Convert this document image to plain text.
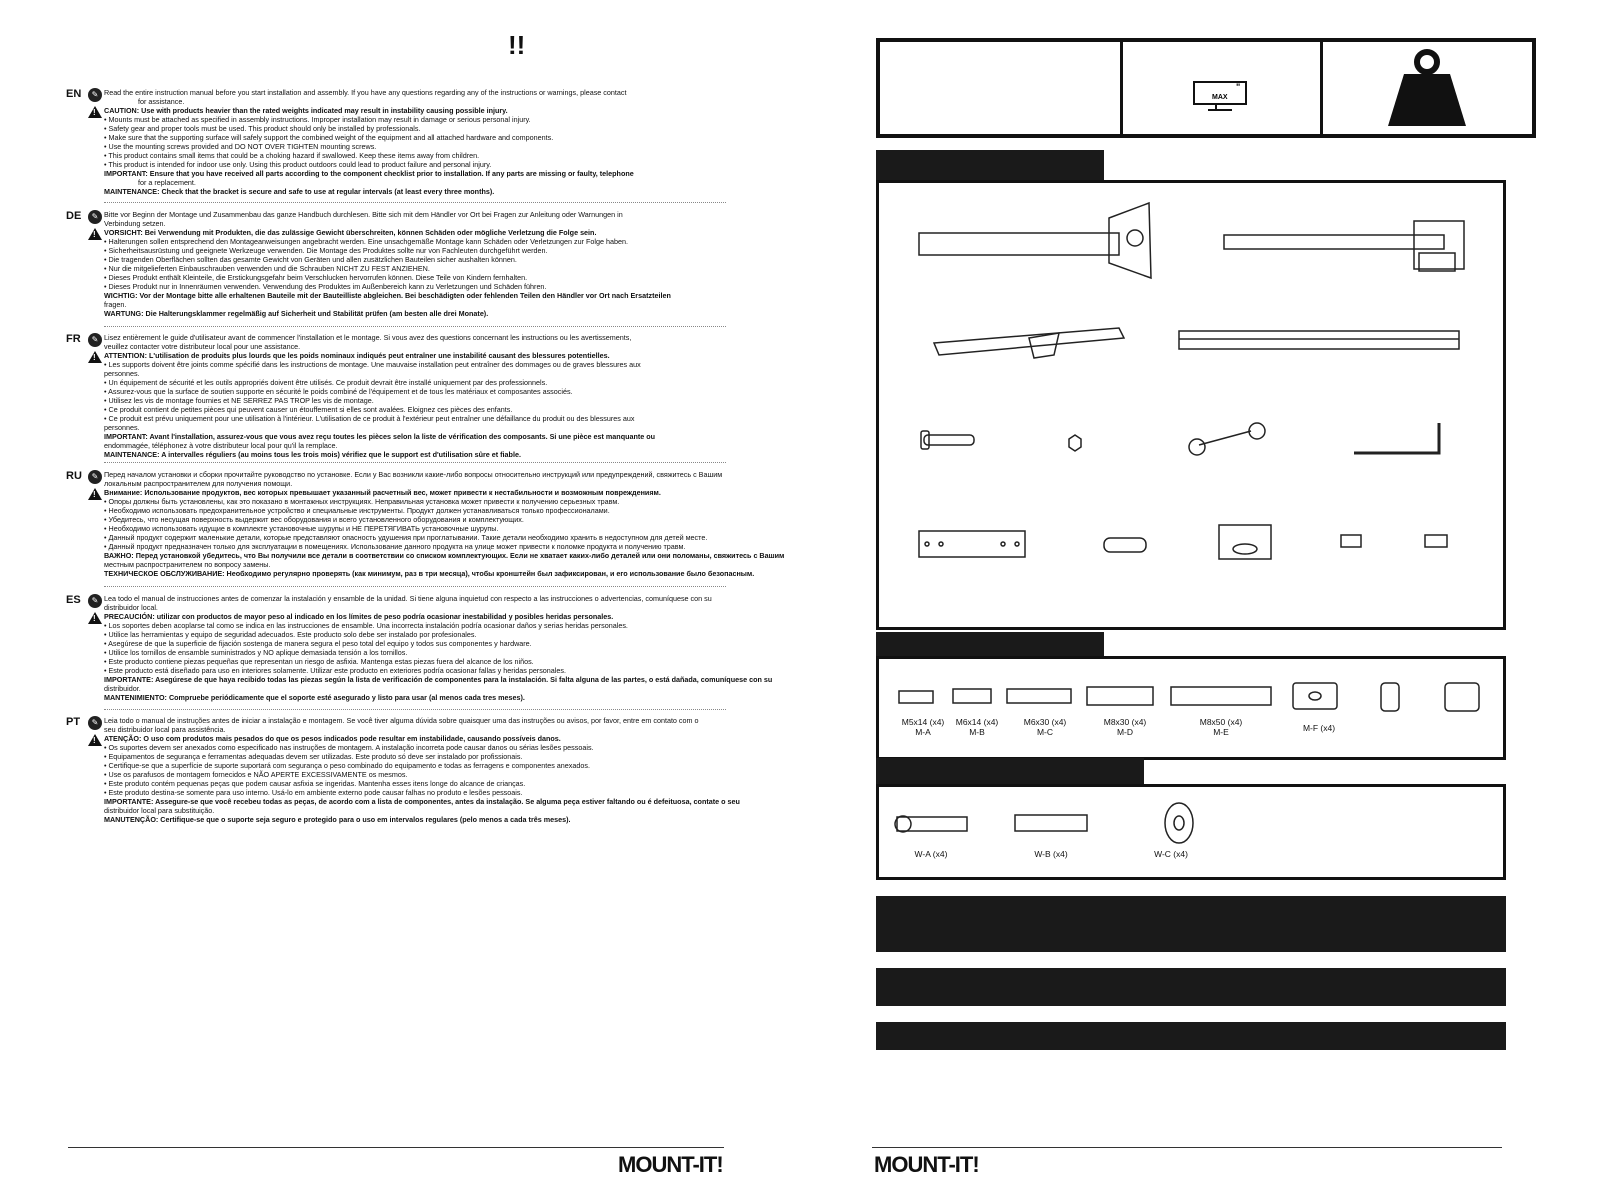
!!
EN	✎
! Read the entire instruction manual before you start installation and assembly. If you have any questions regarding any of the instructions or warnings, please contact
for assistance.
CAUTION: Use with products heavier than the rated weights indicated may result in instability causing possible injury.
• Mounts must be attached as specified in assembly instructions. Improper installation may result in damage or serious personal injury.
• Safety gear and proper tools must be used. This product should only be installed by professionals.
• Make sure that the supporting surface will safely support the combined weight of the equipment and all attached hardware and components.
• Use the mounting screws provided and DO NOT OVER TIGHTEN mounting screws.
• This product contains small items that could be a choking hazard if swallowed. Keep these items away from children.
• This product is intended for indoor use only. Using this product outdoors could lead to product failure and personal injury.
IMPORTANT: Ensure that you have received all parts according to the component checklist prior to installation. If any parts are missing or faulty, telephone
for a replacement.
MAINTENANCE: Check that the bracket is secure and safe to use at regular intervals (at least every three months).
DE	✎
! Bitte vor Beginn der Montage und Zusammenbau das ganze Handbuch durchlesen. Bitte sich mit dem Händler vor Ort bei Fragen zur Anleitung oder Warnungen in
Verbindung setzen.
VORSICHT: Bei Verwendung mit Produkten, die das zulässige Gewicht überschreiten, können Schäden oder mögliche Verletzung die Folge sein.
• Halterungen sollen entsprechend den Montageanweisungen angebracht werden. Eine unsachgemäße Montage kann Schäden oder Verletzungen zur Folge haben.
• Sicherheitsausrüstung und geeignete Werkzeuge verwenden. Die Montage des Produktes sollte nur von Fachleuten durchgeführt werden.
• Die tragenden Oberflächen sollten das gesamte Gewicht von Geräten und allen zusätzlichen Bauteilen sicher aushalten können.
• Nur die mitgelieferten Einbauschrauben verwenden und die Schrauben NICHT ZU FEST ANZIEHEN.
• Dieses Produkt enthält Kleinteile, die Erstickungsgefahr beim Verschlucken hervorrufen können. Diese Teile von Kindern fernhalten.
• Dieses Produkt nur in Innenräumen verwenden. Verwendung des Produktes im Außenbereich kann zu Verletzungen und Schäden führen.
WICHTIG: Vor der Montage bitte alle erhaltenen Bauteile mit der Bauteilliste abgleichen. Bei beschädigten oder fehlenden Teilen den Händler vor Ort nach Ersatzteilen
fragen.
WARTUNG: Die Halterungsklammer regelmäßig auf Sicherheit und Stabilität prüfen (am besten alle drei Monate).
FR	✎
! Lisez entièrement le guide d'utilisateur avant de commencer l'installation et le montage. Si vous avez des questions concernant les instructions ou les avertissements,
veuillez contacter votre distributeur local pour une assistance.
ATTENTION: L'utilisation de produits plus lourds que les poids nominaux indiqués peut entraîner une instabilité causant des blessures potentielles.
• Les supports doivent être joints comme spécifié dans les instructions de montage. Une mauvaise installation peut entraîner des dommages ou de graves blessures aux
personnes.
• Un équipement de sécurité et les outils appropriés doivent être utilisés. Ce produit devrait être installé uniquement par des professionnels.
• Assurez-vous que la surface de soutien supporte en sécurité le poids combiné de l'équipement et de tous les matériaux et composantes associés.
• Utilisez les vis de montage fournies et NE SERREZ PAS TROP les vis de montage.
• Ce produit contient de petites pièces qui peuvent causer un étouffement si elles sont avalées. Eloignez ces pièces des enfants.
• Ce produit est prévu uniquement pour une utilisation à l'intérieur. L'utilisation de ce produit à l'extérieur peut entraîner une défaillance du produit ou des blessures aux
personnes.
IMPORTANT: Avant l'installation, assurez-vous que vous avez reçu toutes les pièces selon la liste de vérification des composants. Si une pièce est manquante ou
endommagée, téléphonez à votre distributeur local pour qu'il la remplace.
MAINTENANCE: A intervalles réguliers (au moins tous les trois mois) vérifiez que le support est d'utilisation sûre et fiable.
RU	✎
! Перед началом установки и сборки прочитайте руководство по установке. Если у Вас возникли какие-либо вопросы относительно инструкций или предупреждений, свяжитесь с Вашим
локальным распространителем для получения помощи.
Внимание: Использование продуктов, вес которых превышает указанный расчетный вес, может привести к нестабильности и возможным повреждениям.
• Опоры должны быть установлены, как это показано в монтажных инструкциях. Неправильная установка может привести к получению серьезных травм.
• Необходимо использовать предохранительное устройство и специальные инструменты. Продукт должен устанавливаться только профессионалами.
• Убедитесь, что несущая поверхность выдержит вес оборудования и всего установленного оборудования и комплектующих.
• Необходимо использовать идущие в комплекте установочные шурупы и НЕ ПЕРЕТЯГИВАТЬ установочные шурупы.
• Данный продукт содержит маленькие детали, которые представляют опасность удушения при проглатывании. Такие детали необходимо хранить в недоступном для детей месте.
• Данный продукт предназначен только для эксплуатации в помещениях. Использование данного продукта на улице может привести к поломке продукта и получению травм.
ВАЖНО: Перед установкой убедитесь, что Вы получили все детали в соответствии со списком комплектующих. Если не хватает каких-либо деталей или они поломаны, свяжитесь с Вашим
местным распространителем по вопросу замены.
ТЕХНИЧЕСКОЕ ОБСЛУЖИВАНИЕ: Необходимо регулярно проверять (как минимум, раз в три месяца), чтобы кронштейн был зафиксирован, и его использование было безопасным.
ES	✎
! Lea todo el manual de instrucciones antes de comenzar la instalación y ensamble de la unidad. Si tiene alguna inquietud con respecto a las instrucciones o advertencias, comuníquese con su
distribuidor local.
PRECAUCIÓN: utilizar con productos de mayor peso al indicado en los límites de peso podría ocasionar inestabilidad y posibles heridas personales.
• Los soportes deben acoplarse tal como se indica en las instrucciones de ensamble. Una incorrecta instalación podría ocasionar daños y serias heridas personales.
• Utilice las herramientas y equipo de seguridad adecuados. Este producto solo debe ser instalado por profesionales.
• Asegúrese de que la superficie de fijación sostenga de manera segura el peso total del equipo y todos sus componentes y hardware.
• Utilice los tornillos de ensamble suministrados y NO aplique demasiada tensión a los tornillos.
• Este producto contiene piezas pequeñas que representan un riesgo de asfixia. Mantenga estas piezas fuera del alcance de los niños.
• Este producto está diseñado para uso en interiores solamente. Utilizar este producto en exteriores podría ocasionar fallas y heridas personales.
IMPORTANTE: Asegúrese de que haya recibido todas las piezas según la lista de verificación de componentes para la instalación. Si falta alguna de las partes, o está dañada, comuníquese con su
distribuidor.
MANTENIMIENTO: Compruebe periódicamente que el soporte esté asegurado y listo para usar (al menos cada tres meses).
PT	✎
! Leia todo o manual de instruções antes de iniciar a instalação e montagem. Se você tiver alguma dúvida sobre quaisquer uma das instruções ou avisos, por favor, entre em contato com o
seu distribuidor local para assistência.
ATENÇÃO: O uso com produtos mais pesados do que os pesos indicados pode resultar em instabilidade, causando possíveis danos.
• Os suportes devem ser anexados como especificado nas instruções de montagem. A instalação incorreta pode causar danos ou sérias lesões pessoais.
• Equipamentos de segurança e ferramentas adequadas devem ser utilizadas. Este produto só deve ser instalado por profissionais.
• Certifique-se que a superfície de suporte suportará com segurança o peso combinado do equipamento e todas as ferragens e componentes anexados.
• Use os parafusos de montagem fornecidos e NÃO APERTE EXCESSIVAMENTE os mesmos.
• Este produto contém pequenas peças que podem causar asfixia se ingeridas. Mantenha esses itens longe do alcance de crianças.
• Este produto destina-se somente para uso interno. Usá-lo em ambiente externo pode causar falhas no produto e lesões pessoais.
IMPORTANTE: Assegure-se que você recebeu todas as peças, de acordo com a lista de componentes, antes da instalação. Se alguma peça estiver faltando ou é defeituosa, contate o seu
distribuidor local para substituição.
MANUTENÇÃO: Certifique-se que o suporte seja seguro e protegido para o uso em intervalos regulares (pelo menos a cada três meses).
MOUNT-IT!
MAX
"
M5x14 (x4)
M-A
M6x14 (x4)
M-B
M6x30 (x4)
M-C
M8x30 (x4)
M-D
M8x50 (x4)
M-E	M-F (x4)
W-A (x4)	W-B (x4)	W-C (x4)
MOUNT-IT!
